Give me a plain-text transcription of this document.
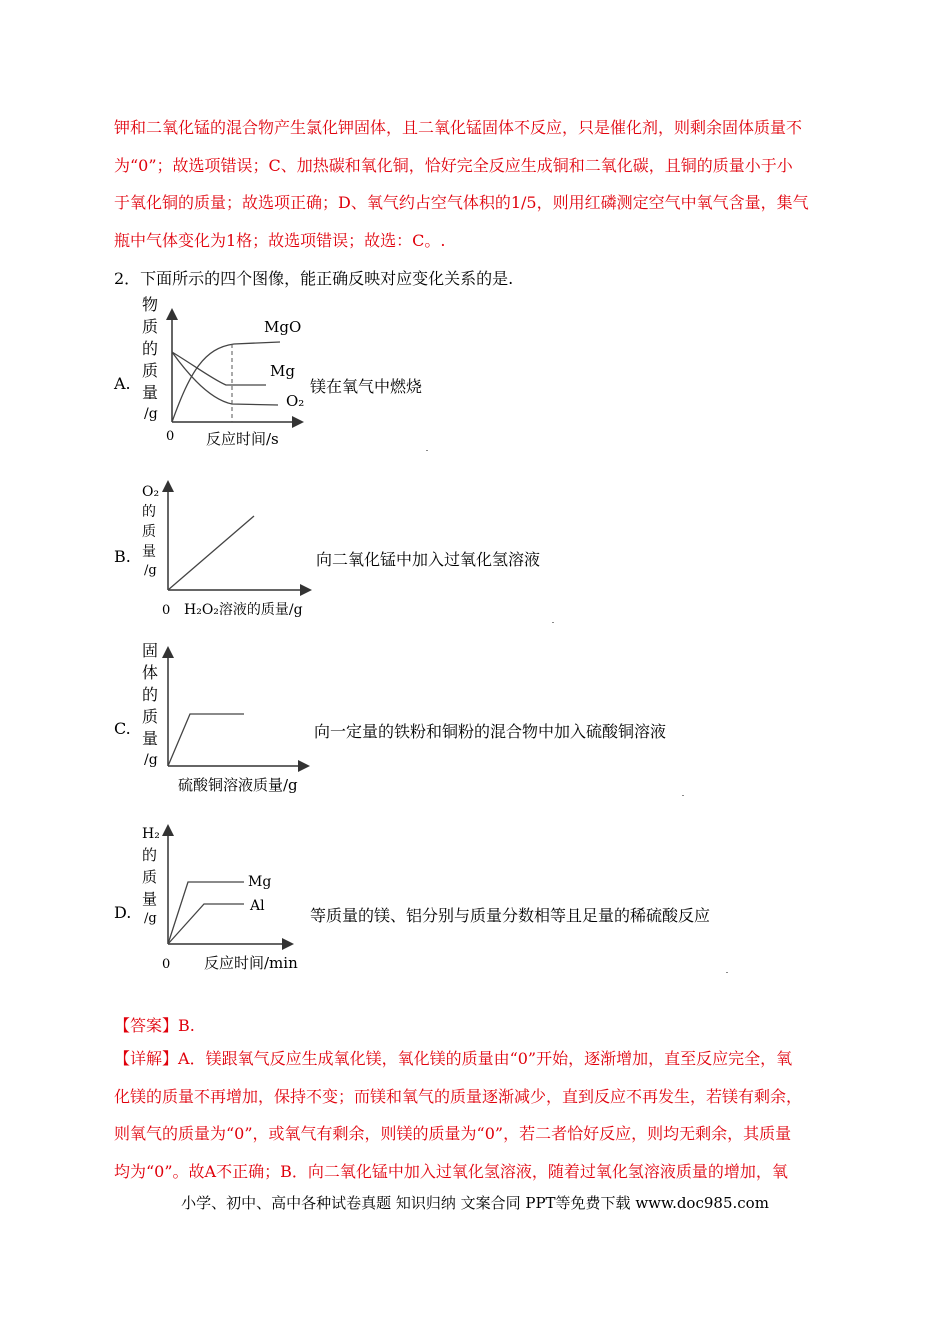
钾和二氧化锰的混合物产生氯化钾固体，且二氧化锰固体不反应，只是催化剂，则剩余固体质量不

为“0”；故选项错误；C、加热碳和氧化铜，恰好完全反应生成铜和二氧化碳，且铜的质量小于小

于氧化铜的质量；故选项正确；D、氧气约占空气体积的1/5，则用红磷测定空气中氧气含量，集气

瓶中气体变化为1格；故选项错误；故选：C。.

2．下面所示的四个图像，能正确反映对应变化关系的是.
A.
物
质
的
质
量
/g
0 反应时间/s
MgO
Mg
O₂
镁在氧气中燃烧
B.
O₂
的
质
量
/g
0 H₂O₂溶液的质量/g
向二氧化锰中加入过氧化氢溶液
C.
固
体
的
质
量
/g
硫酸铜溶液质量/g
向一定量的铁粉和铜粉的混合物中加入硫酸铜溶液
D.
H₂
的
质
量
/g
Mg
Al
0 反应时间/min
等质量的镁、铝分别与质量分数相等且足量的稀硫酸反应
【答案】B.

【详解】A．镁跟氧气反应生成氧化镁，氧化镁的质量由“0”开始，逐渐增加，直至反应完全，氧

化镁的质量不再增加，保持不变；而镁和氧气的质量逐渐减少，直到反应不再发生，若镁有剩余，

则氧气的质量为“0”，或氧气有剩余，则镁的质量为“0”，若二者恰好反应，则均无剩余，其质量

均为“0”。故A不正确；B．向二氧化锰中加入过氧化氢溶液，随着过氧化氢溶液质量的增加，氧

小学、初中、高中各种试卷真题 知识归纳 文案合同 PPT等免费下载 www.doc985.com
